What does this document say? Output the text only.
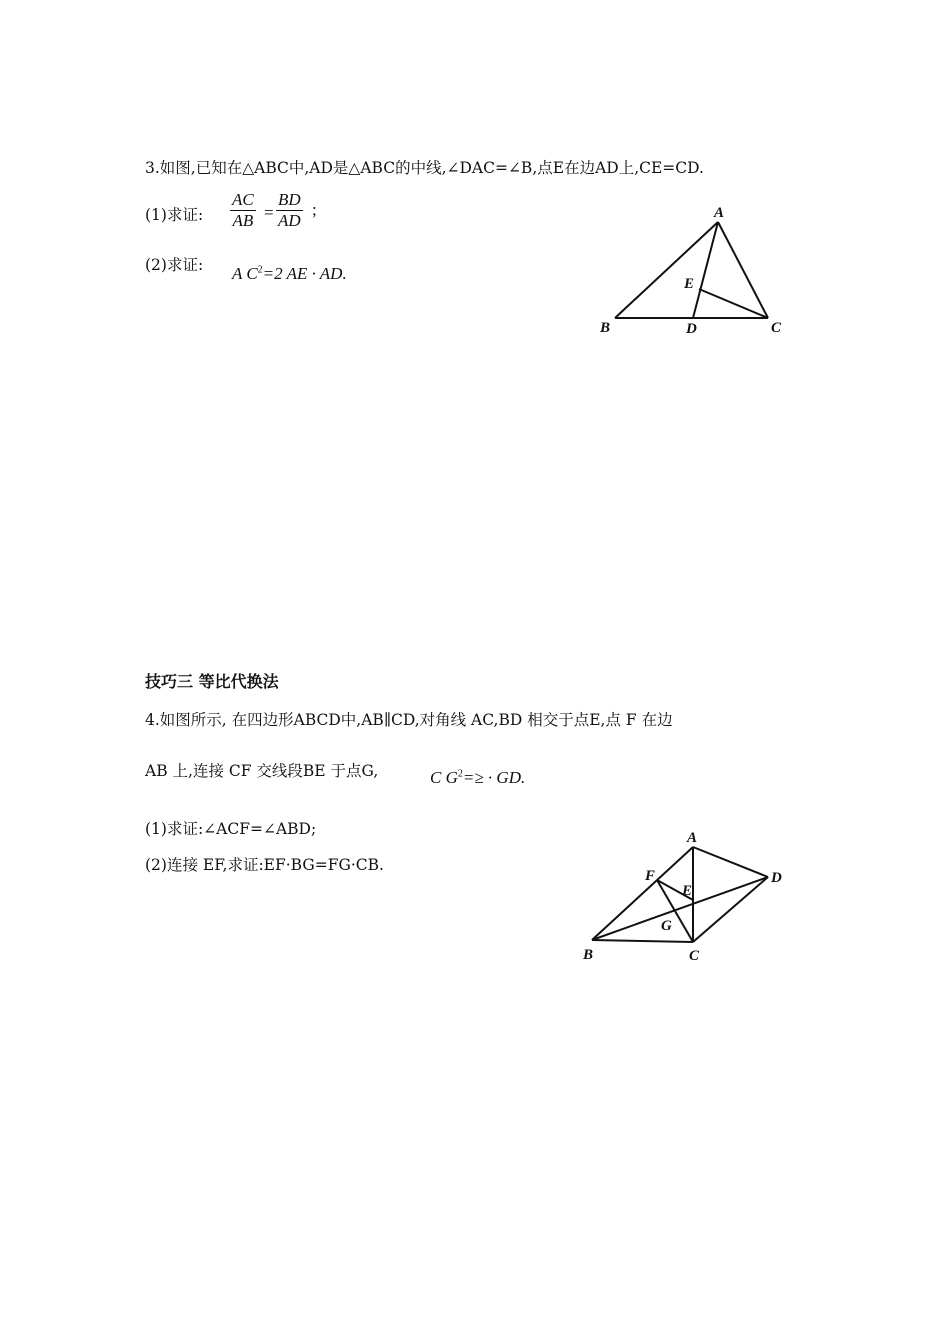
3.如图,已知在△ABC中,AD是△ABC的中线,∠DAC=∠B,点E在边AD上,CE=CD.
(1)求证:
AC
AB =
BD
AD
;
(2)求证: A $C^2=2$ AE · AD.
A
B	D	C
E
技巧三 等比代换法
4.如图所示, 在四边形ABCD中,AB∥CD,对角线 AC,BD 相交于点E,点 F 在边
AB 上,连接 CF 交线段BE 于点G,	C $G^2=\ge$ · GD.
(1)求证:∠ACF=∠ABD;
(2)连接 EF,求证:EF·BG=FG·CB.
A
F
E
D
G
B	C
